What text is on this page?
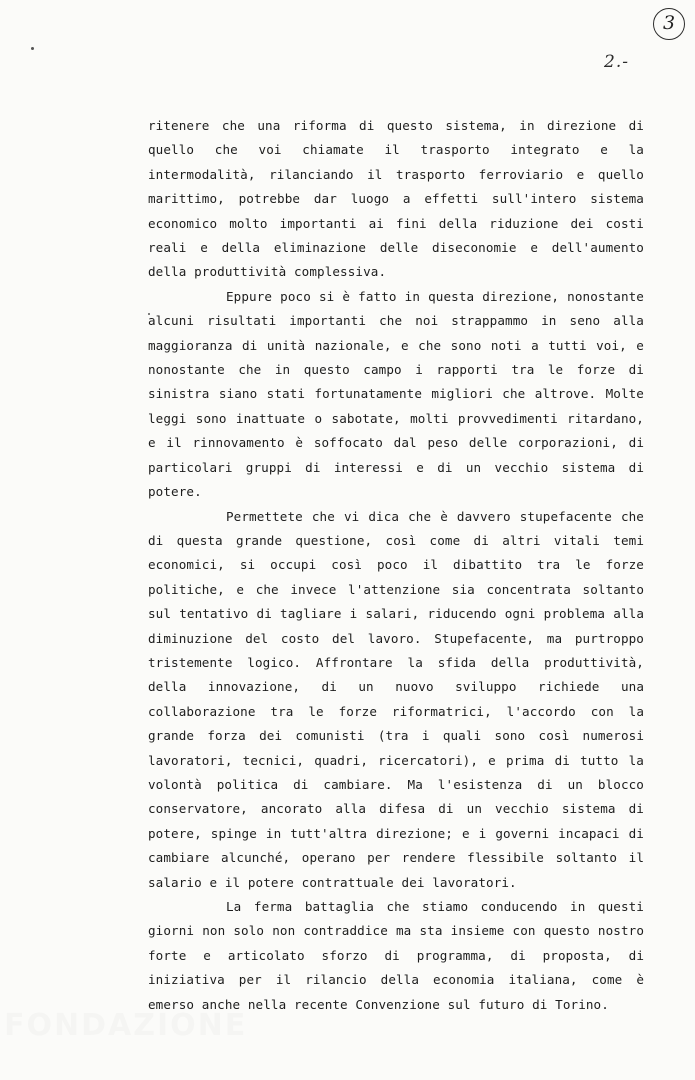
3
2.-

ritenere che una riforma di questo sistema, in direzione di quello che voi chiamate il trasporto integrato e la intermodalità, rilanciando il trasporto ferroviario e quello marittimo, potrebbe dar luogo a effetti sull'intero sistema economico molto importanti ai fini della riduzione dei costi reali e della eliminazione delle diseconomie e dell'aumento della produttività complessiva.

Eppure poco si è fatto in questa direzione, nonostante alcuni risultati importanti che noi strappammo in seno alla maggioranza di unità nazionale, e che sono noti a tutti voi, e nonostante che in questo campo i rapporti tra le forze di sinistra siano stati fortunatamente migliori che altrove. Molte leggi sono inattuate o sabotate, molti provvedimenti ritardano, e il rinnovamento è soffocato dal peso delle corporazioni, di particolari gruppi di interessi e di un vecchio sistema di potere.

Permettete che vi dica che è davvero stupefacente che di questa grande questione, così come di altri vitali temi economici, si occupi così poco il dibattito tra le forze politiche, e che invece l'attenzione sia concentrata soltanto sul tentativo di tagliare i salari, riducendo ogni problema alla diminuzione del costo del lavoro. Stupefacente, ma purtroppo tristemente logico. Affrontare la sfida della produttività, della innovazione, di un nuovo sviluppo richiede una collaborazione tra le forze riformatrici, l'accordo con la grande forza dei comunisti (tra i quali sono così numerosi lavoratori, tecnici, quadri, ricercatori), e prima di tutto la volontà politica di cambiare. Ma l'esistenza di un blocco conservatore, ancorato alla difesa di un vecchio sistema di potere, spinge in tutt'altra direzione; e i governi incapaci di cambiare alcunché, operano per rendere flessibile soltanto il salario e il potere contrattuale dei lavoratori.

La ferma battaglia che stiamo conducendo in questi giorni non solo non contraddice ma sta insieme con questo nostro forte e articolato sforzo di programma, di proposta, di iniziativa per il rilancio della economia italiana, come è emerso anche nella recente Convenzione sul futuro di Torino.

FONDAZIONE
